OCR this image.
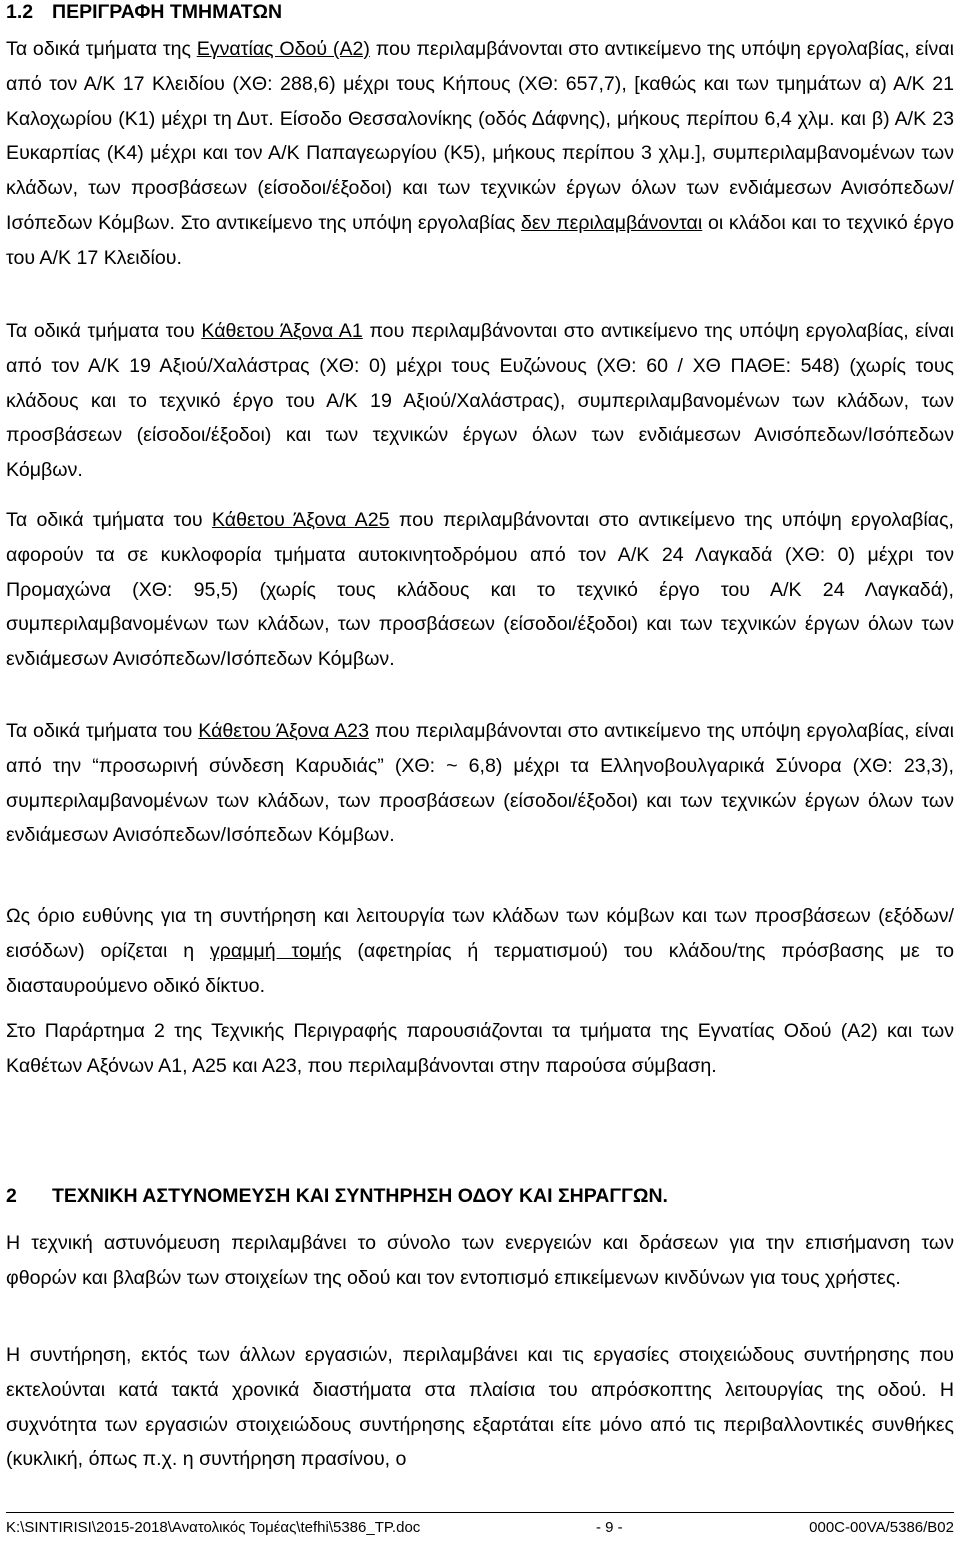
1.2 ΠΕΡΙΓΡΑΦΗ ΤΜΗΜΑΤΩΝ

Τα οδικά τμήματα της Εγνατίας Οδού (Α2) που περιλαμβάνονται στο αντικείμενο της υπόψη εργολαβίας, είναι από τον Α/Κ 17 Κλειδίου (ΧΘ: 288,6) μέχρι τους Κήπους (ΧΘ: 657,7), [καθώς και των τμημάτων α) Α/Κ 21 Καλοχωρίου (Κ1) μέχρι τη Δυτ. Είσοδο Θεσσαλονίκης (οδός Δάφνης), μήκους περίπου 6,4 χλμ. και β) Α/Κ 23 Ευκαρπίας (Κ4) μέχρι και τον Α/Κ Παπαγεωργίου (Κ5), μήκους περίπου 3 χλμ.], συμπεριλαμβανομένων των κλάδων, των προσβάσεων (είσοδοι/έξοδοι) και των τεχνικών έργων όλων των ενδιάμεσων Ανισόπεδων/Ισόπεδων Κόμβων. Στο αντικείμενο της υπόψη εργολαβίας δεν περιλαμβάνονται οι κλάδοι και το τεχνικό έργο του Α/Κ 17 Κλειδίου.

Τα οδικά τμήματα του Κάθετου Άξονα Α1 που περιλαμβάνονται στο αντικείμενο της υπόψη εργολαβίας, είναι από τον Α/Κ 19 Αξιού/Χαλάστρας (ΧΘ: 0) μέχρι τους Ευζώνους (ΧΘ: 60 / ΧΘ ΠΑΘΕ: 548) (χωρίς τους κλάδους και το τεχνικό έργο του Α/Κ 19 Αξιού/Χαλάστρας), συμπεριλαμβανομένων των κλάδων, των προσβάσεων (είσοδοι/έξοδοι) και των τεχνικών έργων όλων των ενδιάμεσων Ανισόπεδων/Ισόπεδων Κόμβων.

Τα οδικά τμήματα του Κάθετου Άξονα Α25 που περιλαμβάνονται στο αντικείμενο της υπόψη εργολαβίας, αφορούν τα σε κυκλοφορία τμήματα αυτοκινητοδρόμου από τον Α/Κ 24 Λαγκαδά (ΧΘ: 0) μέχρι τον Προμαχώνα (ΧΘ: 95,5) (χωρίς τους κλάδους και το τεχνικό έργο του Α/Κ 24 Λαγκαδά), συμπεριλαμβανομένων των κλάδων, των προσβάσεων (είσοδοι/έξοδοι) και των τεχνικών έργων όλων των ενδιάμεσων Ανισόπεδων/Ισόπεδων Κόμβων.

Τα οδικά τμήματα του Κάθετου Άξονα Α23 που περιλαμβάνονται στο αντικείμενο της υπόψη εργολαβίας, είναι από την “προσωρινή σύνδεση Καρυδιάς” (ΧΘ: ~ 6,8) μέχρι τα Ελληνοβουλγαρικά Σύνορα (ΧΘ: 23,3), συμπεριλαμβανομένων των κλάδων, των προσβάσεων (είσοδοι/έξοδοι) και των τεχνικών έργων όλων των ενδιάμεσων Ανισόπεδων/Ισόπεδων Κόμβων.

Ως όριο ευθύνης για τη συντήρηση και λειτουργία των κλάδων των κόμβων και των προσβάσεων (εξόδων/εισόδων) ορίζεται η γραμμή τομής (αφετηρίας ή τερματισμού) του κλάδου/της πρόσβασης με το διασταυρούμενο οδικό δίκτυο.

Στο Παράρτημα 2 της Τεχνικής Περιγραφής παρουσιάζονται τα τμήματα της Εγνατίας Οδού (Α2) και των Καθέτων Αξόνων Α1, Α25 και Α23, που περιλαμβάνονται στην παρούσα σύμβαση.

2 ΤΕΧΝΙΚΗ ΑΣΤΥΝΟΜΕΥΣΗ ΚΑΙ ΣΥΝΤΗΡΗΣΗ ΟΔΟΥ ΚΑΙ ΣΗΡΑΓΓΩΝ.

Η τεχνική αστυνόμευση περιλαμβάνει το σύνολο των ενεργειών και δράσεων για την επισήμανση των φθορών και βλαβών των στοιχείων της οδού και τον εντοπισμό επικείμενων κινδύνων για τους χρήστες.

Η συντήρηση, εκτός των άλλων εργασιών, περιλαμβάνει και τις εργασίες στοιχειώδους συντήρησης που εκτελούνται κατά τακτά χρονικά διαστήματα στα πλαίσια του απρόσκοπτης λειτουργίας της οδού. Η συχνότητα των εργασιών στοιχειώδους συντήρησης εξαρτάται είτε μόνο από τις περιβαλλοντικές συνθήκες (κυκλική, όπως π.χ. η συντήρηση πρασίνου, ο

K:\SINTIRISI\2015-2018\Ανατολικός Τομέας\tefhi\5386_TP.doc	- 9 -	000C-00VA/5386/B02
